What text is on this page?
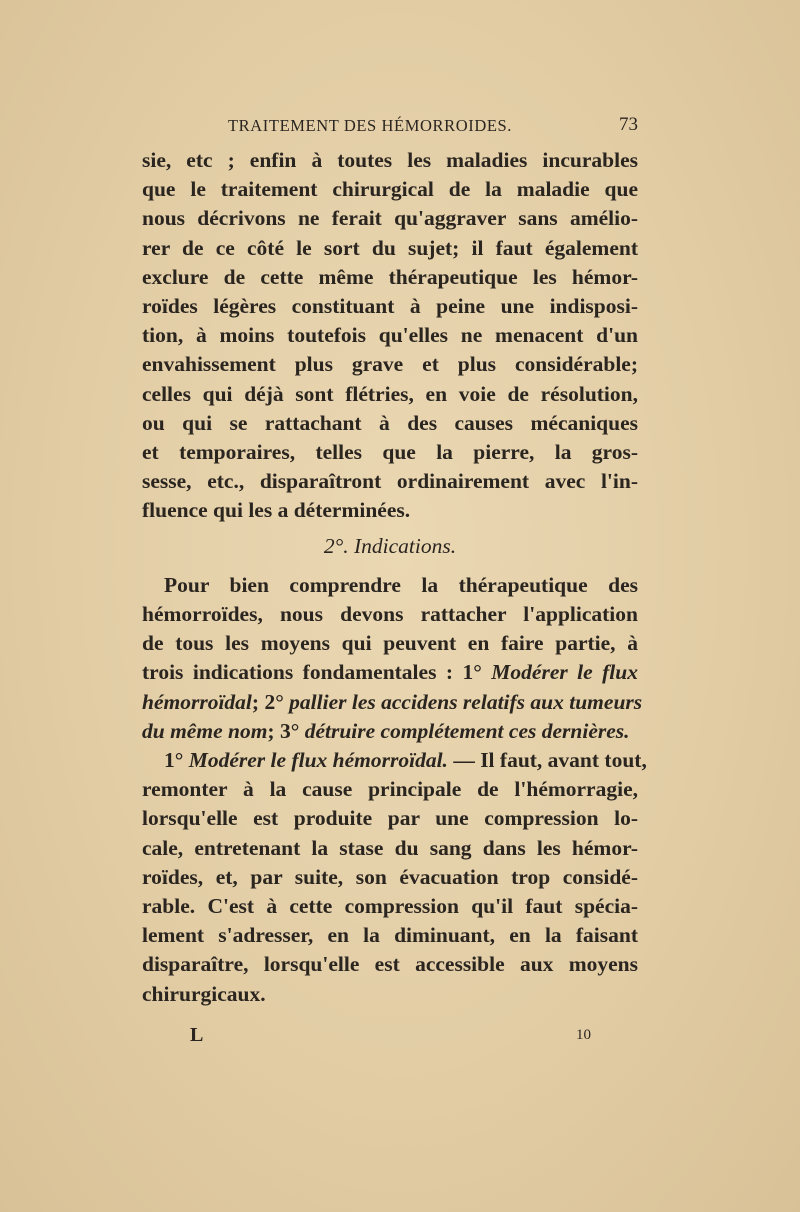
TRAITEMENT DES HÉMORROIDES.	73
sie, etc ; enfin à toutes les maladies incurables
que le traitement chirurgical de la maladie que
nous décrivons ne ferait qu'aggraver sans amélio-
rer de ce côté le sort du sujet; il faut également
exclure de cette même thérapeutique les hémor-
roïdes légères constituant à peine une indisposi-
tion, à moins toutefois qu'elles ne menacent d'un
envahissement plus grave et plus considérable;
celles qui déjà sont flétries, en voie de résolution,
ou qui se rattachant à des causes mécaniques
et temporaires, telles que la pierre, la gros-
sesse, etc., disparaîtront ordinairement avec l'in-
fluence qui les a déterminées.
2°. Indications.
Pour bien comprendre la thérapeutique des
hémorroïdes, nous devons rattacher l'application
de tous les moyens qui peuvent en faire partie, à
trois indications fondamentales : 1° Modérer le flux
hémorroïdal; 2° pallier les accidens relatifs aux tumeurs
du même nom; 3° détruire complétement ces dernières.
1° Modérer le flux hémorroïdal. — Il faut, avant tout,
remonter à la cause principale de l'hémorragie,
lorsqu'elle est produite par une compression lo-
cale, entretenant la stase du sang dans les hémor-
roïdes, et, par suite, son évacuation trop considé-
rable. C'est à cette compression qu'il faut spécia-
lement s'adresser, en la diminuant, en la faisant
disparaître, lorsqu'elle est accessible aux moyens
chirurgicaux.
L	10
